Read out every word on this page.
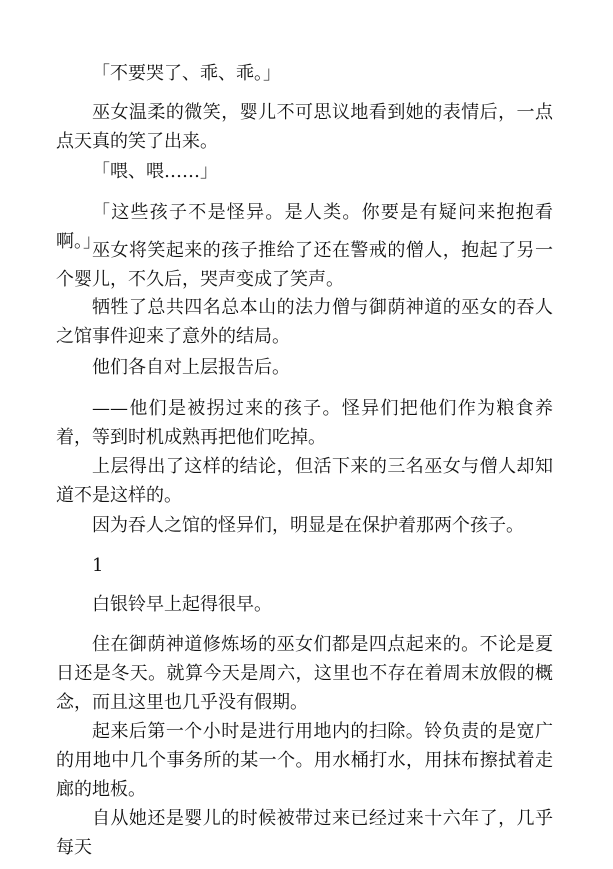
「不要哭了、乖、乖。」

巫女温柔的微笑，婴儿不可思议地看到她的表情后，一点点天真的笑了出来。

「喂、喂……」

「这些孩子不是怪异。是人类。你要是有疑问来抱抱看啊。」

巫女将笑起来的孩子推给了还在警戒的僧人，抱起了另一个婴儿，不久后，哭声变成了笑声。

牺牲了总共四名总本山的法力僧与御荫神道的巫女的吞人之馆事件迎来了意外的结局。

他们各自对上层报告后。

——他们是被拐过来的孩子。怪异们把他们作为粮食养着，等到时机成熟再把他们吃掉。

上层得出了这样的结论，但活下来的三名巫女与僧人却知道不是这样的。

因为吞人之馆的怪异们，明显是在保护着那两个孩子。

1

白银铃早上起得很早。

住在御荫神道修炼场的巫女们都是四点起来的。不论是夏日还是冬天。就算今天是周六，这里也不存在着周末放假的概念，而且这里也几乎没有假期。

起来后第一个小时是进行用地内的扫除。铃负责的是宽广的用地中几个事务所的某一个。用水桶打水，用抹布擦拭着走廊的地板。

自从她还是婴儿的时候被带过来已经过来十六年了，几乎每天
